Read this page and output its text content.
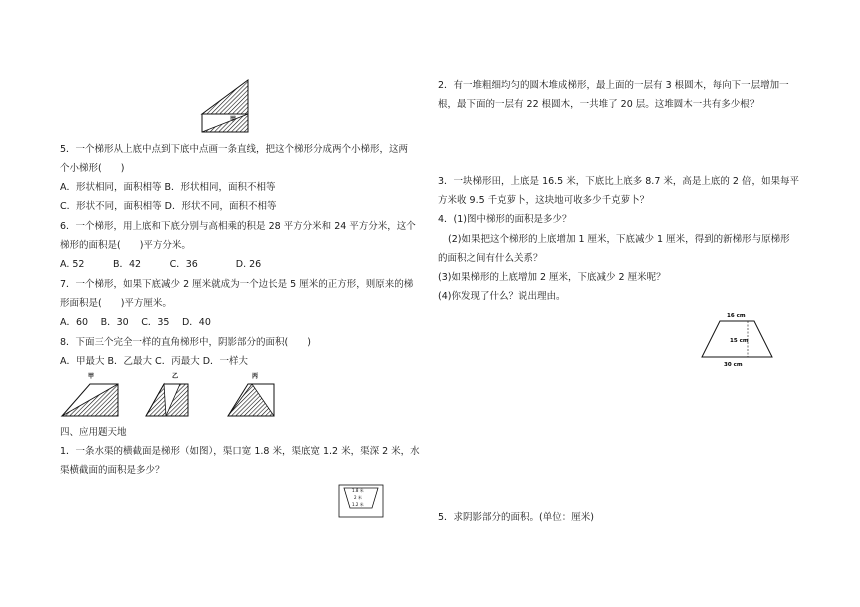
甲
5．一个梯形从上底中点到下底中点画一条直线，把这个梯形分成两个小梯形，这两
个小梯形(　　)
A．形状相同，面积相等 B．形状相同，面积不相等
C．形状不同，面积相等 D．形状不同，面积不相等
6．一个梯形，用上底和下底分别与高相乘的积是 28 平方分米和 24 平方分米，这个
梯形的面积是(　　)平方分米。
A. 52　　　B．42　　　C．36　　　　D. 26
7．一个梯形，如果下底减少 2 厘米就成为一个边长是 5 厘米的正方形，则原来的梯
形面积是(　　)平方厘米。
A．60　 B．30　 C．35　 D．40
8．下面三个完全一样的直角梯形中，阴影部分的面积(　　)
A．甲最大 B．乙最大 C．丙最大 D．一样大
甲	乙	丙
四、应用题天地
1．一条水渠的横截面是梯形（如图），渠口宽 1.8 米，渠底宽 1.2 米，渠深 2 米，水
渠横截面的面积是多少？
1.8 米
2 米
1.2 米
2．有一堆粗细均匀的圆木堆成梯形，最上面的一层有 3 根圆木，每向下一层增加一
根，最下面的一层有 22 根圆木，一共堆了 20 层。这堆圆木一共有多少根？
3．一块梯形田，上底是 16.5 米，下底比上底多 8.7 米，高是上底的 2 倍，如果每平
方米收 9.5 千克萝卜，这块地可收多少千克萝卜？
4．(1)图中梯形的面积是多少？
(2)如果把这个梯形的上底增加 1 厘米，下底减少 1 厘米，得到的新梯形与原梯形
的面积之间有什么关系？
(3)如果梯形的上底增加 2 厘米，下底减少 2 厘米呢？
(4)你发现了什么？说出理由。
16 cm
15 cm
30 cm
5．求阴影部分的面积。(单位：厘米)
